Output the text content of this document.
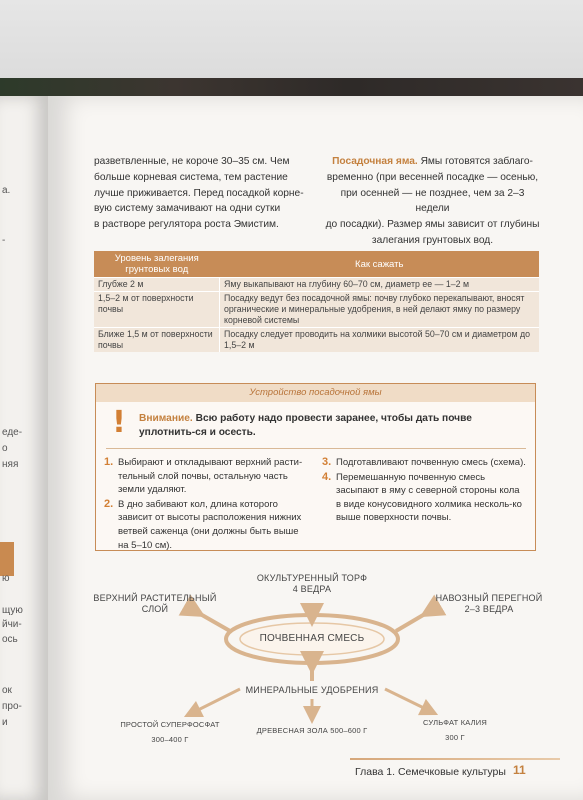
а.
-
еде-
о
няя
ю
щую
йчи-
ось
ок
про-
и
разветвленные, не короче 30–35 см. Чем
больше корневая система, тем растение
лучше приживается. Перед посадкой корне-
вую систему замачивают на одни сутки
в растворе регулятора роста Эмистим.
Посадочная яма. Ямы готовятся заблаго-
временно (при весенней посадке — осенью,
при осенней — не позднее, чем за 2–3 недели
до посадки). Размер ямы зависит от глубины
залегания грунтовых вод.
Уровень залегания грунтовых вод	Как сажать
Глубже 2 м	Яму выкапывают на глубину 60–70 см, диаметр ее — 1–2 м
1,5–2 м от поверхности почвы	Посадку ведут без посадочной ямы: почву глубоко перекапывают, вносят органические и минеральные удобрения, в ней делают ямку по размеру корневой системы
Ближе 1,5 м от поверхности почвы	Посадку следует проводить на холмики высотой 50–70 см и диаметром до 1,5–2 м
Устройство посадочной ямы
! Внимание. Всю работу надо провести заранее, чтобы дать почве уплотнить-ся и осесть.
1. Выбирают и откладывают верхний расти-тельный слой почвы, остальную часть земли удаляют.
2. В дно забивают кол, длина которого зависит от высоты расположения нижних ветвей саженца (они должны быть выше на 5–10 см).
3. Подготавливают почвенную смесь (схема).
4. Перемешанную почвенную смесь засыпают в яму с северной стороны кола в виде конусовидного холмика несколь-ко выше поверхности почвы.
ПОЧВЕННАЯ СМЕСЬ
ОКУЛЬТУРЕННЫЙ ТОРФ
4 ВЕДРА
ВЕРХНИЙ РАСТИТЕЛЬНЫЙ
СЛОЙ
НАВОЗНЫЙ ПЕРЕГНОЙ
2–3 ВЕДРА
МИНЕРАЛЬНЫЕ УДОБРЕНИЯ
ПРОСТОЙ СУПЕРФОСФАТ
300–400 Г
ДРЕВЕСНАЯ ЗОЛА 500–600 Г
СУЛЬФАТ КАЛИЯ
300 Г
Глава 1. Семечковые культуры 11
